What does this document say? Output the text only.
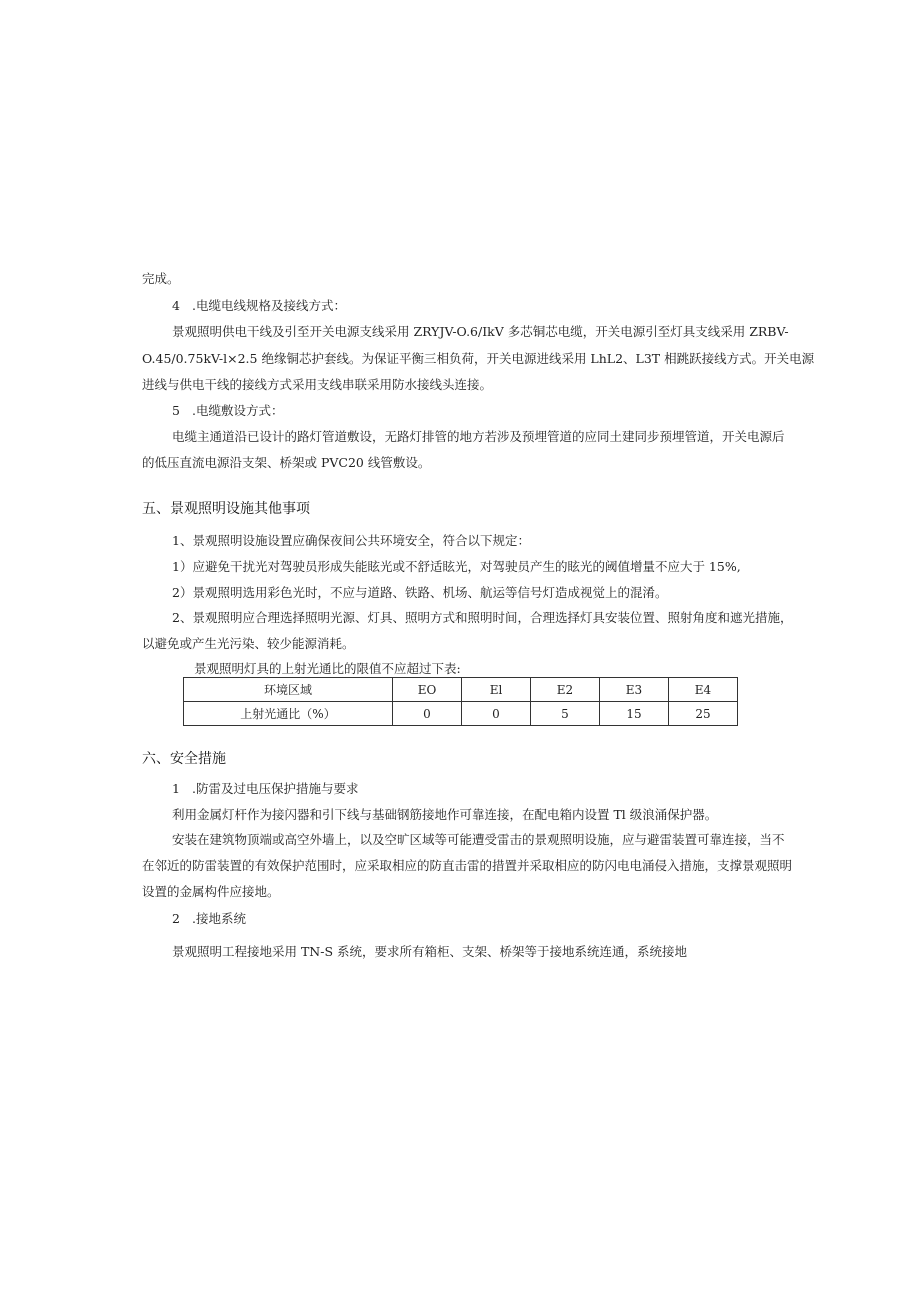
完成。
4 .电缆电线规格及接线方式：
景观照明供电干线及引至开关电源支线采用 ZRYJV-O.6/IkV 多芯铜芯电缆，开关电源引至灯具支线采用 ZRBV-
O.45/0.75kV-l×2.5 绝缘铜芯护套线。为保证平衡三相负荷，开关电源进线采用 LhL2、L3T 相跳跃接线方式。开关电源
进线与供电干线的接线方式采用支线串联采用防水接线头连接。
5 .电缆敷设方式：
电缆主通道沿已设计的路灯管道敷设，无路灯排管的地方若涉及预埋管道的应同土建同步预埋管道，开关电源后
的低压直流电源沿支架、桥架或 PVC20 线管敷设。
五、景观照明设施其他事项
1、景观照明设施设置应确保夜间公共环境安全，符合以下规定：
1）应避免干扰光对驾驶员形成失能眩光或不舒适眩光，对驾驶员产生的眩光的阈值增量不应大于 15%,
2）景观照明选用彩色光时，不应与道路、铁路、机场、航运等信号灯造成视觉上的混淆。
2、景观照明应合理选择照明光源、灯具、照明方式和照明时间，合理选择灯具安装位置、照射角度和遮光措施，
以避免或产生光污染、较少能源消耗。
景观照明灯具的上射光通比的限值不应超过下表:
环境区域	EO	El	E2	E3	E4
上射光通比（%）	0	0	5	15	25
六、安全措施
1 .防雷及过电压保护措施与要求
利用金属灯杆作为接闪器和引下线与基础钢筋接地作可靠连接，在配电箱内设置 Tl 级浪涌保护器。
安装在建筑物顶端或高空外墙上，以及空旷区域等可能遭受雷击的景观照明设施，应与避雷装置可靠连接，当不
在邻近的防雷装置的有效保护范围时，应采取相应的防直击雷的措置并采取相应的防闪电电涌侵入措施，支撑景观照明
设置的金属构件应接地。
2 .接地系统
景观照明工程接地采用 TN-S 系统，要求所有箱柜、支架、桥架等于接地系统连通，系统接地
